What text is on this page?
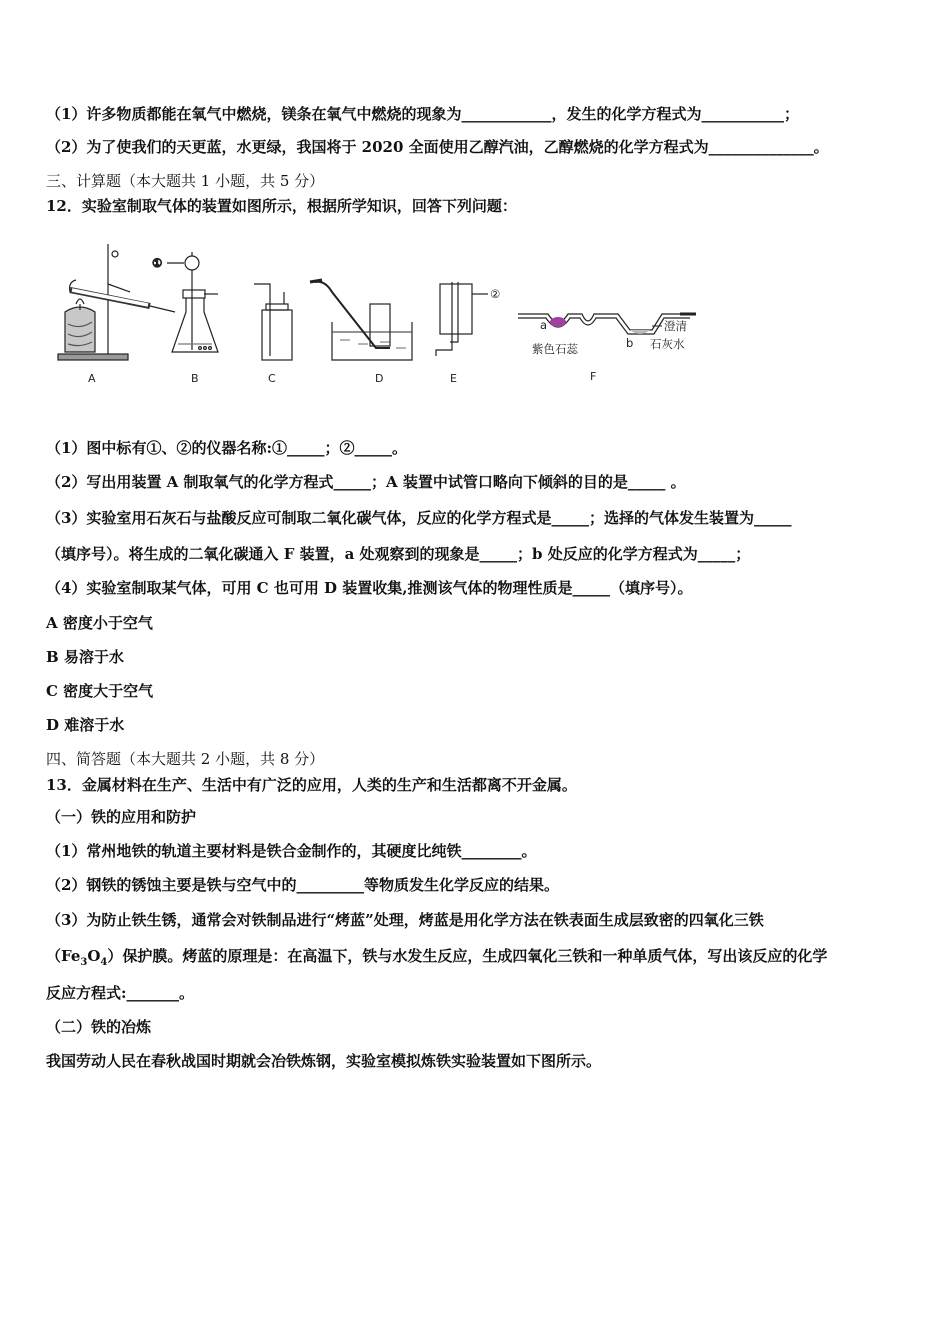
（1）许多物质都能在氧气中燃烧，镁条在氧气中燃烧的现象为____________，发生的化学方程式为___________；
（2）为了使我们的天更蓝，水更绿，我国将于 2020 全面使用乙醇汽油，乙醇燃烧的化学方程式为______________。
三、计算题（本大题共 1 小题，共 5 分）
12．实验室制取气体的装置如图所示，根据所学知识，回答下列问题：
A
①
B	C	D
②
E
a
b
紫色石蕊
澄清
石灰水
F
（1）图中标有①、②的仪器名称:①_____；②_____。
（2）写出用装置 A 制取氧气的化学方程式_____；A 装置中试管口略向下倾斜的目的是_____ 。
（3）实验室用石灰石与盐酸反应可制取二氧化碳气体，反应的化学方程式是_____；选择的气体发生装置为_____
（填序号）。将生成的二氧化碳通入 F 装置，a 处观察到的现象是_____；b 处反应的化学方程式为_____；
（4）实验室制取某气体，可用 C 也可用 D 装置收集,推测该气体的物理性质是_____（填序号）。
A 密度小于空气
B 易溶于水
C 密度大于空气
D 难溶于水
四、简答题（本大题共 2 小题，共 8 分）
13．金属材料在生产、生活中有广泛的应用，人类的生产和生活都离不开金属。
（一）铁的应用和防护
（1）常州地铁的轨道主要材料是铁合金制作的，其硬度比纯铁________。
（2）钢铁的锈蚀主要是铁与空气中的_________等物质发生化学反应的结果。
（3）为防止铁生锈，通常会对铁制品进行“烤蓝”处理，烤蓝是用化学方法在铁表面生成层致密的四氧化三铁
$(Fe_3O_4)$保护膜。烤蓝的原理是：在高温下，铁与水发生反应，生成四氧化三铁和一种单质气体，写出该反应的化学
反应方程式:_______。
（二）铁的冶炼
我国劳动人民在春秋战国时期就会冶铁炼钢，实验室模拟炼铁实验装置如下图所示。
